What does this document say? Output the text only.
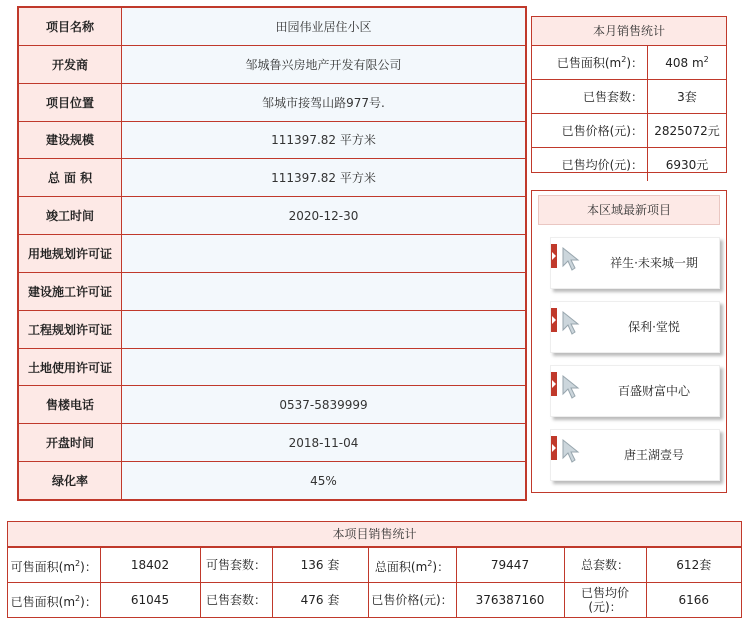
项目名称	田园伟业居住小区
开发商	邹城鲁兴房地产开发有限公司
项目位置	邹城市接驾山路977号.
建设规模	111397.82 平方米
总 面 积	111397.82 平方米
竣工时间	2020-12-30
用地规划许可证	
建设施工许可证	
工程规划许可证	
土地使用许可证	
售楼电话	0537-5839999
开盘时间	2018-11-04
绿化率	45%
本月销售统计
已售面积$(m^2)$：	408 $m^2$
已售套数：	3套
已售价格(元)：	2825072元
已售均价(元)：	6930元
本区域最新项目
祥生·未来城一期
保利·堂悦
百盛财富中心
唐王湖壹号
本项目销售统计
可售面积$(m^2)$：	18402	可售套数：	136 套	总面积$(m^2)$：	79447	总套数：	612套
已售面积$(m^2)$：	61045	已售套数：	476 套	已售价格(元)：	376387160	已售均价(元)：	6166
